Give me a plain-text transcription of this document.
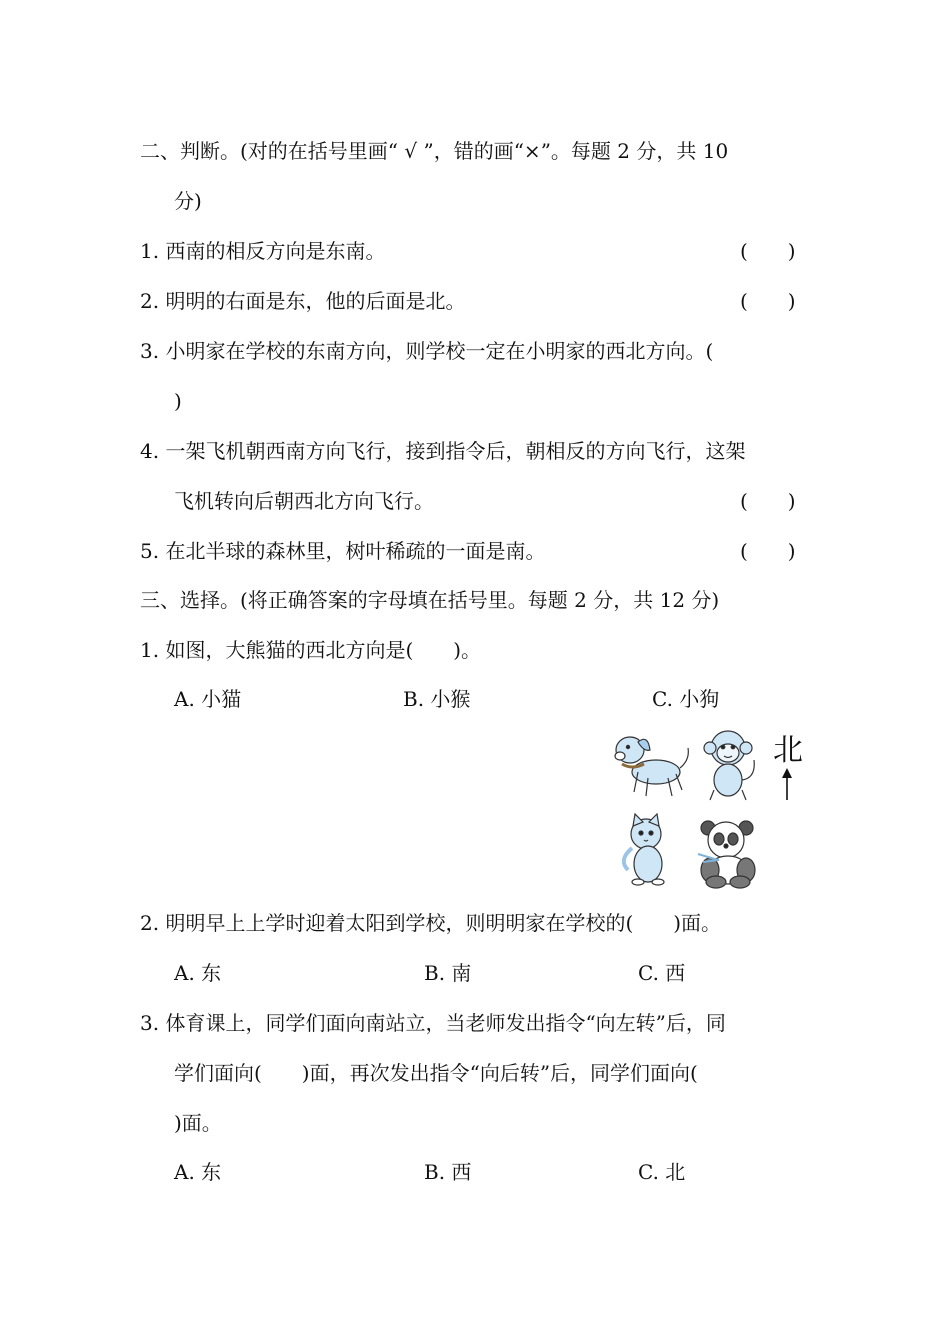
二、判断。(对的在括号里画“ √ ”，错的画“×”。每题 2 分，共 10
分)
1. 西南的相反方向是东南。	(　　)
2. 明明的右面是东，他的后面是北。	(　　)
3. 小明家在学校的东南方向，则学校一定在小明家的西北方向。(
)
4. 一架飞机朝西南方向飞行，接到指令后，朝相反的方向飞行，这架
飞机转向后朝西北方向飞行。	(　　)
5. 在北半球的森林里，树叶稀疏的一面是南。	(　　)
三、选择。(将正确答案的字母填在括号里。每题 2 分，共 12 分)
1. 如图，大熊猫的西北方向是(　　)。
A. 小猫	B. 小猴	C. 小狗
北
2. 明明早上上学时迎着太阳到学校，则明明家在学校的(　　)面。
A. 东	B. 南	C. 西
3. 体育课上，同学们面向南站立，当老师发出指令“向左转”后，同
学们面向(　　)面，再次发出指令“向后转”后，同学们面向(
)面。
A. 东	B. 西	C. 北
